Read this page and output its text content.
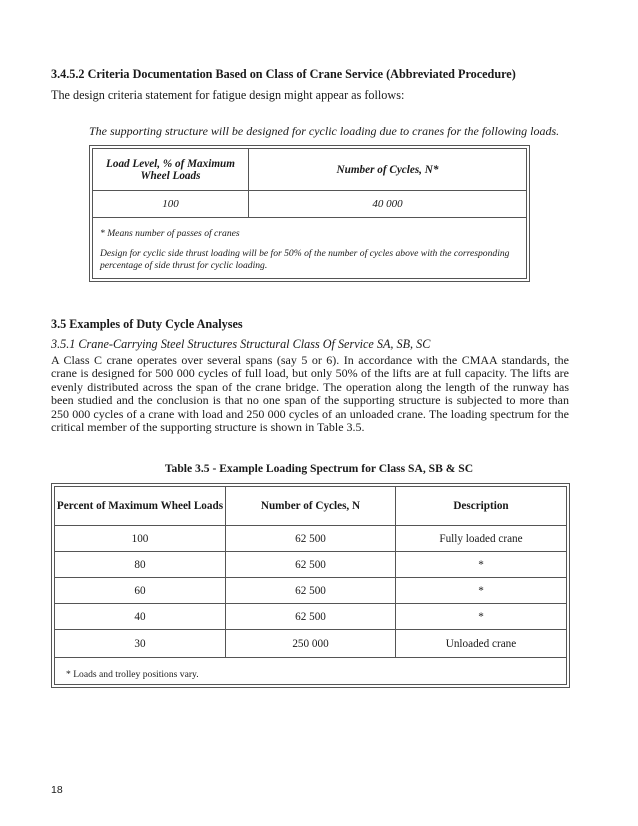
3.4.5.2 Criteria Documentation Based on Class of Crane Service (Abbreviated Procedure)
The design criteria statement for fatigue design might appear as follows:
The supporting structure will be designed for cyclic loading due to cranes for the following loads.
Load Level, % of Maximum Wheel Loads	Number of Cycles, N*
100	40 000
* Means number of passes of cranes
Design for cyclic side thrust loading will be for 50% of the number of cycles above with the corresponding percentage of side thrust for cyclic loading.
3.5 Examples of Duty Cycle Analyses
3.5.1 Crane-Carrying Steel Structures Structural Class Of Service SA, SB, SC
A Class C crane operates over several spans (say 5 or 6). In accordance with the CMAA standards, the crane is designed for 500 000 cycles of full load, but only 50% of the lifts are at full capacity. The lifts are evenly distributed across the span of the crane bridge. The operation along the length of the runway has been studied and the conclusion is that no one span of the supporting structure is subjected to more than 250 000 cycles of a crane with load and 250 000 cycles of an unloaded crane. The loading spectrum for the critical member of the supporting structure is shown in Table 3.5.
Table 3.5 - Example Loading Spectrum for Class SA, SB & SC
Percent of Maximum Wheel Loads	Number of Cycles, N	Description
100	62 500	Fully loaded crane
80	62 500	*
60	62 500	*
40	62 500	*
30	250 000	Unloaded crane
* Loads and trolley positions vary.
18
